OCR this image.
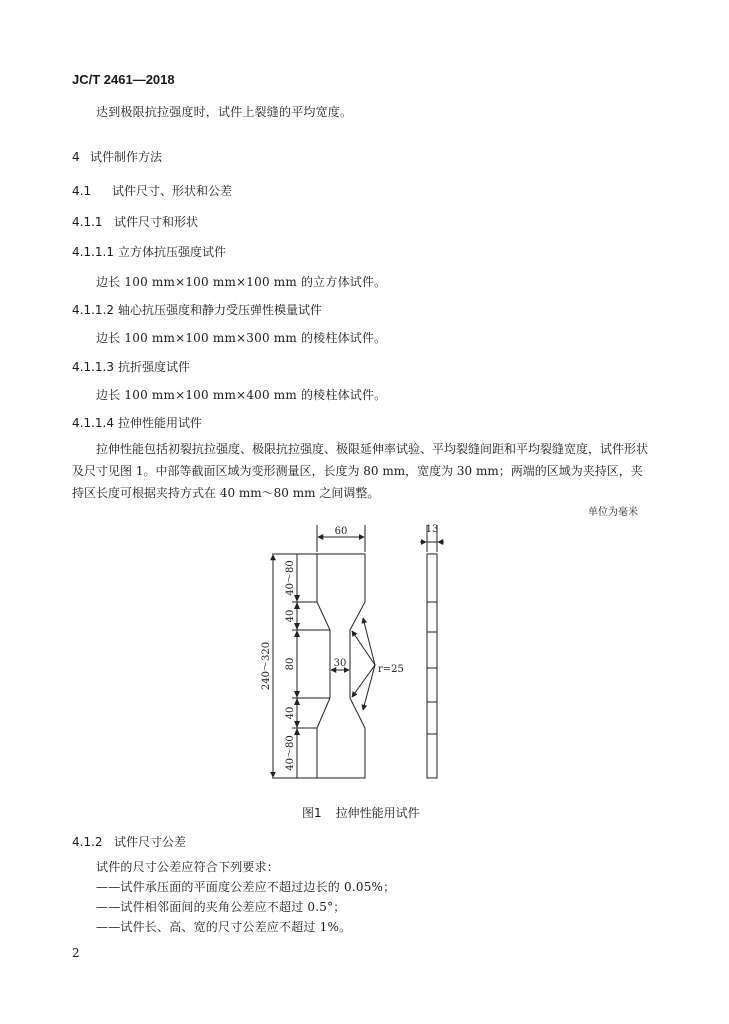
JC/T 2461—2018
达到极限抗拉强度时，试件上裂缝的平均宽度。
4 试件制作方法
4.1 试件尺寸、形状和公差
4.1.1 试件尺寸和形状
4.1.1.1 立方体抗压强度试件
边长 100 mm×100 mm×100 mm 的立方体试件。
4.1.1.2 轴心抗压强度和静力受压弹性模量试件
边长 100 mm×100 mm×300 mm 的棱柱体试件。
4.1.1.3 抗折强度试件
边长 100 mm×100 mm×400 mm 的棱柱体试件。
4.1.1.4 拉伸性能用试件
拉伸性能包括初裂抗拉强度、极限抗拉强度、极限延伸率试验、平均裂缝间距和平均裂缝宽度，试件形状及尺寸见图 1。中部等截面区域为变形测量区，长度为 80 mm，宽度为 30 mm；两端的区域为夹持区，夹持区长度可根据夹持方式在 40 mm～80 mm 之间调整。
单位为毫米
60	13
240～320
40～80
40
80
40
40～80
30
r=25
图1 拉伸性能用试件
4.1.2 试件尺寸公差
试件的尺寸公差应符合下列要求：
——试件承压面的平面度公差应不超过边长的 0.05%；
——试件相邻面间的夹角公差应不超过 0.5°；
——试件长、高、宽的尺寸公差应不超过 1%。
2
